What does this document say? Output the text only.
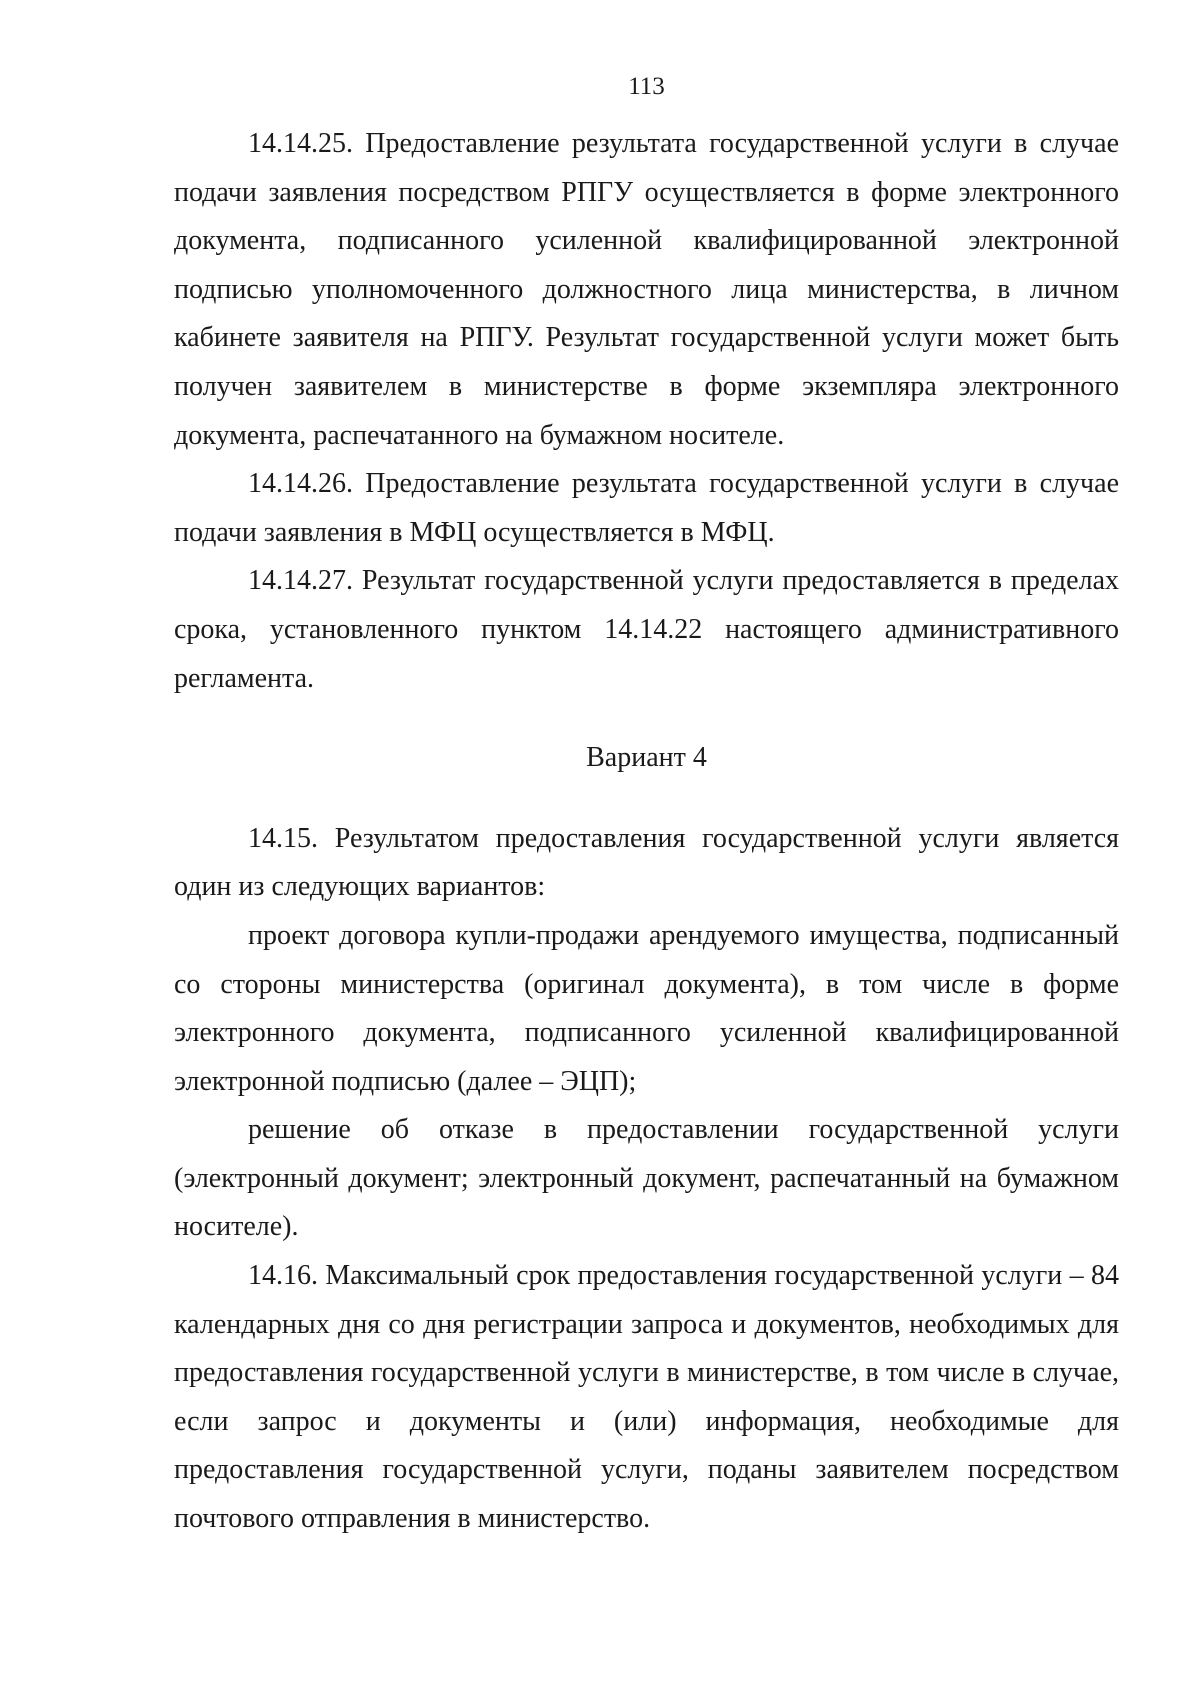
113

14.14.25. Предоставление результата государственной услуги в случае подачи заявления посредством РПГУ осуществляется в форме электронного документа, подписанного усиленной квалифицированной электронной подписью уполномоченного должностного лица министерства, в личном кабинете заявителя на РПГУ. Результат государственной услуги может быть получен заявителем в министерстве в форме экземпляра электронного документа, распечатанного на бумажном носителе.

14.14.26. Предоставление результата государственной услуги в случае подачи заявления в МФЦ осуществляется в МФЦ.

14.14.27. Результат государственной услуги предоставляется в пределах срока, установленного пунктом 14.14.22 настоящего административного регламента.

Вариант 4

14.15. Результатом предоставления государственной услуги является один из следующих вариантов:

проект договора купли-продажи арендуемого имущества, подписанный со стороны министерства (оригинал документа), в том числе в форме электронного документа, подписанного усиленной квалифицированной электронной подписью (далее – ЭЦП);

решение об отказе в предоставлении государственной услуги (электронный документ; электронный документ, распечатанный на бумажном носителе).

14.16. Максимальный срок предоставления государственной услуги – 84 календарных дня со дня регистрации запроса и документов, необходимых для предоставления государственной услуги в министерстве, в том числе в случае, если запрос и документы и (или) информация, необходимые для предоставления государственной услуги, поданы заявителем посредством почтового отправления в министерство.
